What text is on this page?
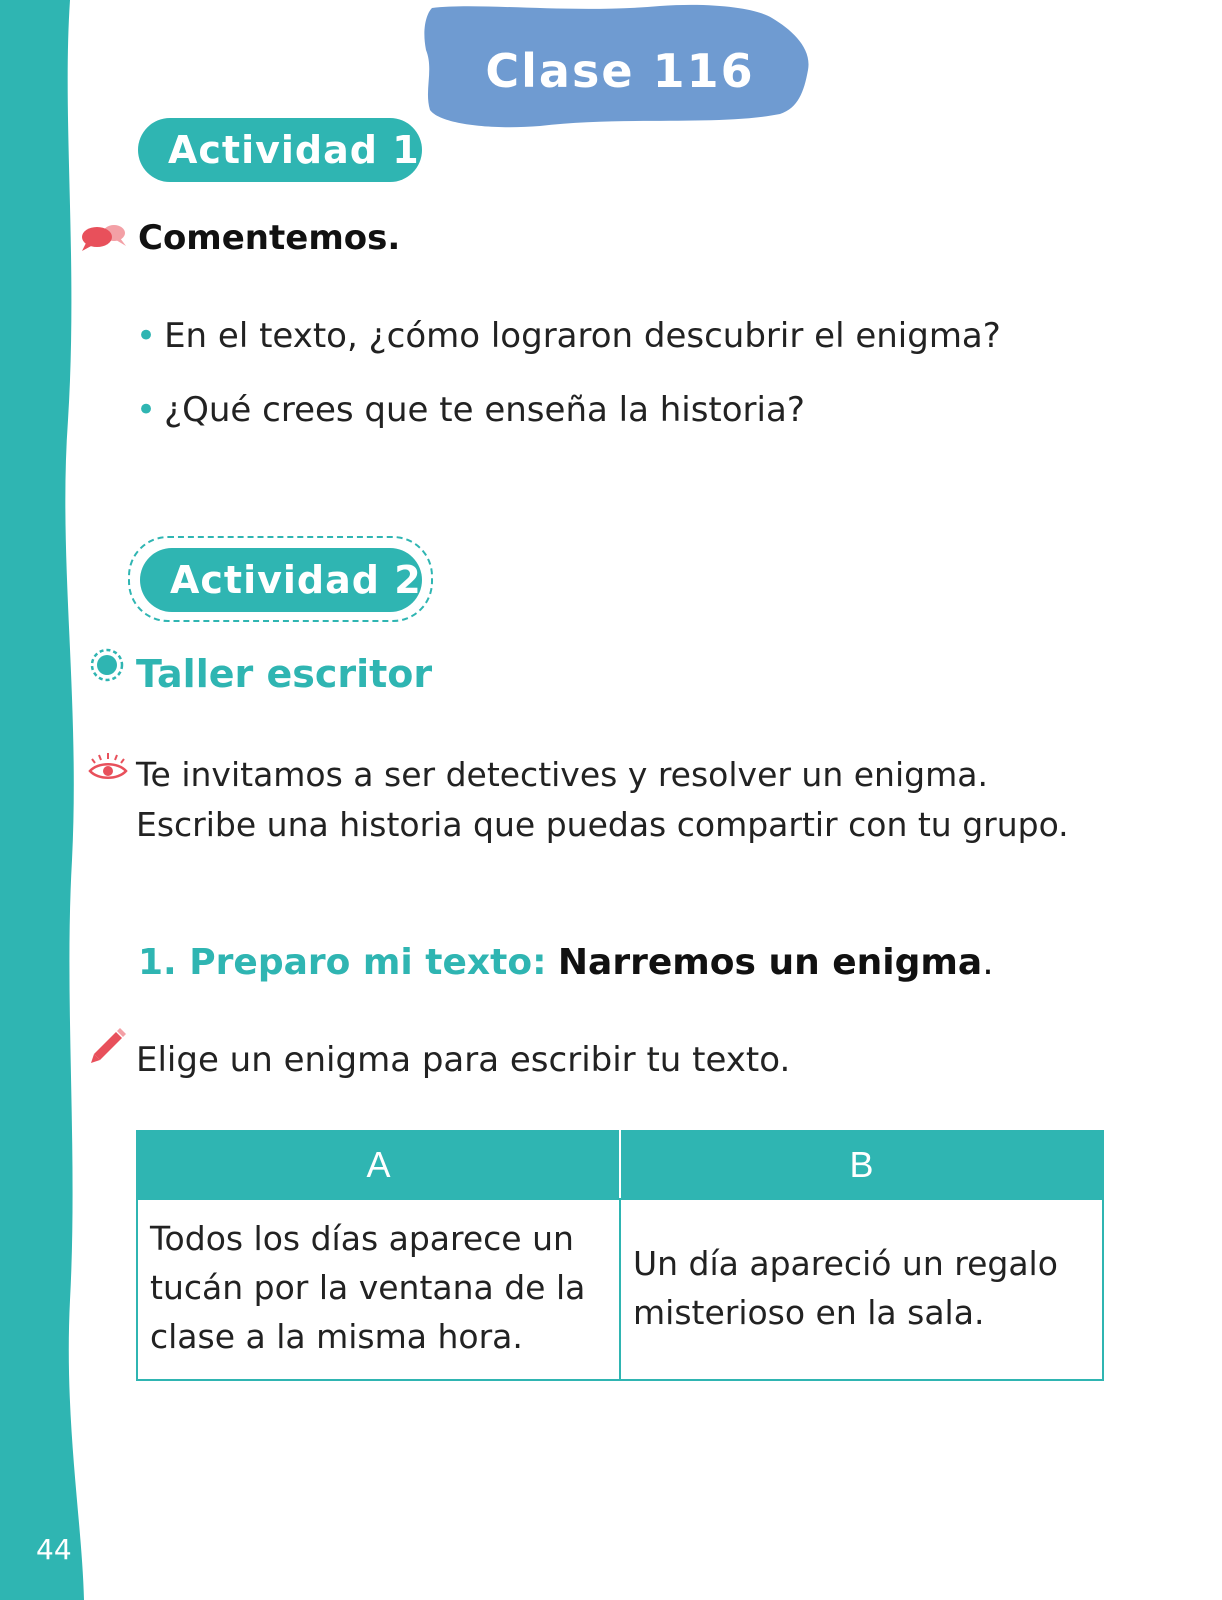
44
Clase 116
Actividad 1
Comentemos.
• En el texto, ¿cómo lograron descubrir el enigma?
• ¿Qué crees que te enseña la historia?
Actividad 2
Taller escritor
Te invitamos a ser detectives y resolver un enigma. Escribe una historia que puedas compartir con tu grupo.
1. Preparo mi texto: Narremos un enigma.
Elige un enigma para escribir tu texto.
A	B
Todos los días aparece un tucán por la ventana de la clase a la misma hora.	Un día apareció un regalo misterioso en la sala.
